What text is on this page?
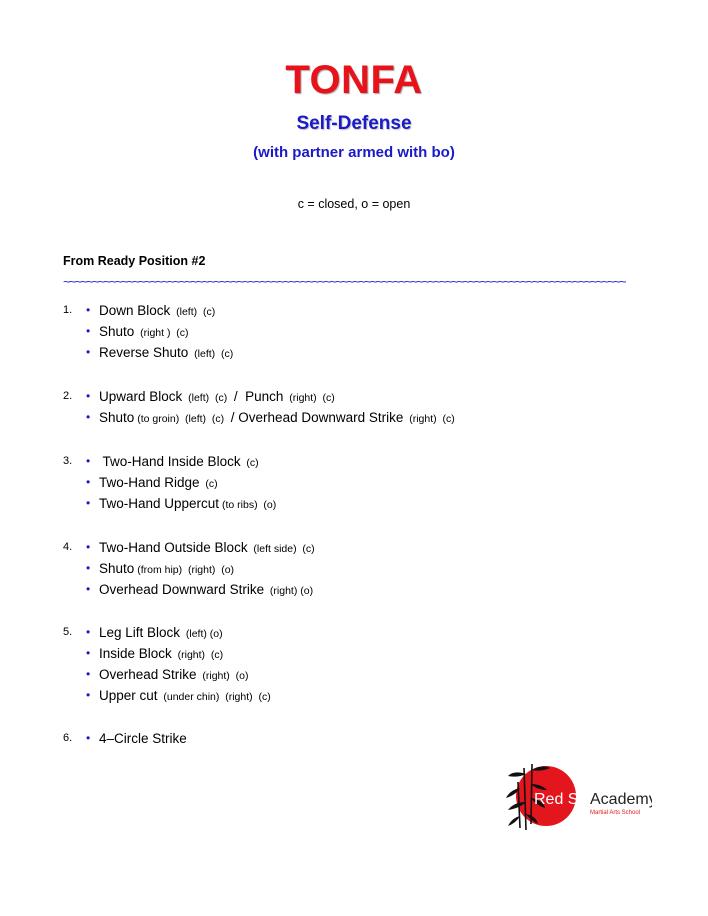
TONFA
Self-Defense
(with partner armed with bo)
c = closed, o = open
From Ready Position #2
~~~~~~~~~~~~~~~~~~~~~~~~~~~~~~~~~~~~~~~~~~~~~~~~~~~~~~~~~~~~~~~~~~~~~~~~~~~~~~~~~~~~~~~~~~~~~~~~~
1. • Down Block  (left)  (c)
• Shuto  (right )  (c)
• Reverse Shuto  (left)  (c)
2. • Upward Block  (left)  (c)  /  Punch  (right)  (c)
• Shuto (to groin)  (left)  (c)  / Overhead Downward Strike  (right)  (c)
3. • Two-Hand Inside Block  (c)
• Two-Hand Ridge  (c)
• Two-Hand Uppercut (to ribs)  (o)
4. • Two-Hand Outside Block  (left side)  (c)
• Shuto (from hip)  (right)  (o)
• Overhead Downward Strike  (right) (o)
5. • Leg Lift Block  (left) (o)
• Inside Block  (right)  (c)
• Overhead Strike  (right)  (o)
• Upper cut  (under chin)  (right)  (c)
6. • 4–Circle Strike
Red Sun
Academy
Martial Arts School
